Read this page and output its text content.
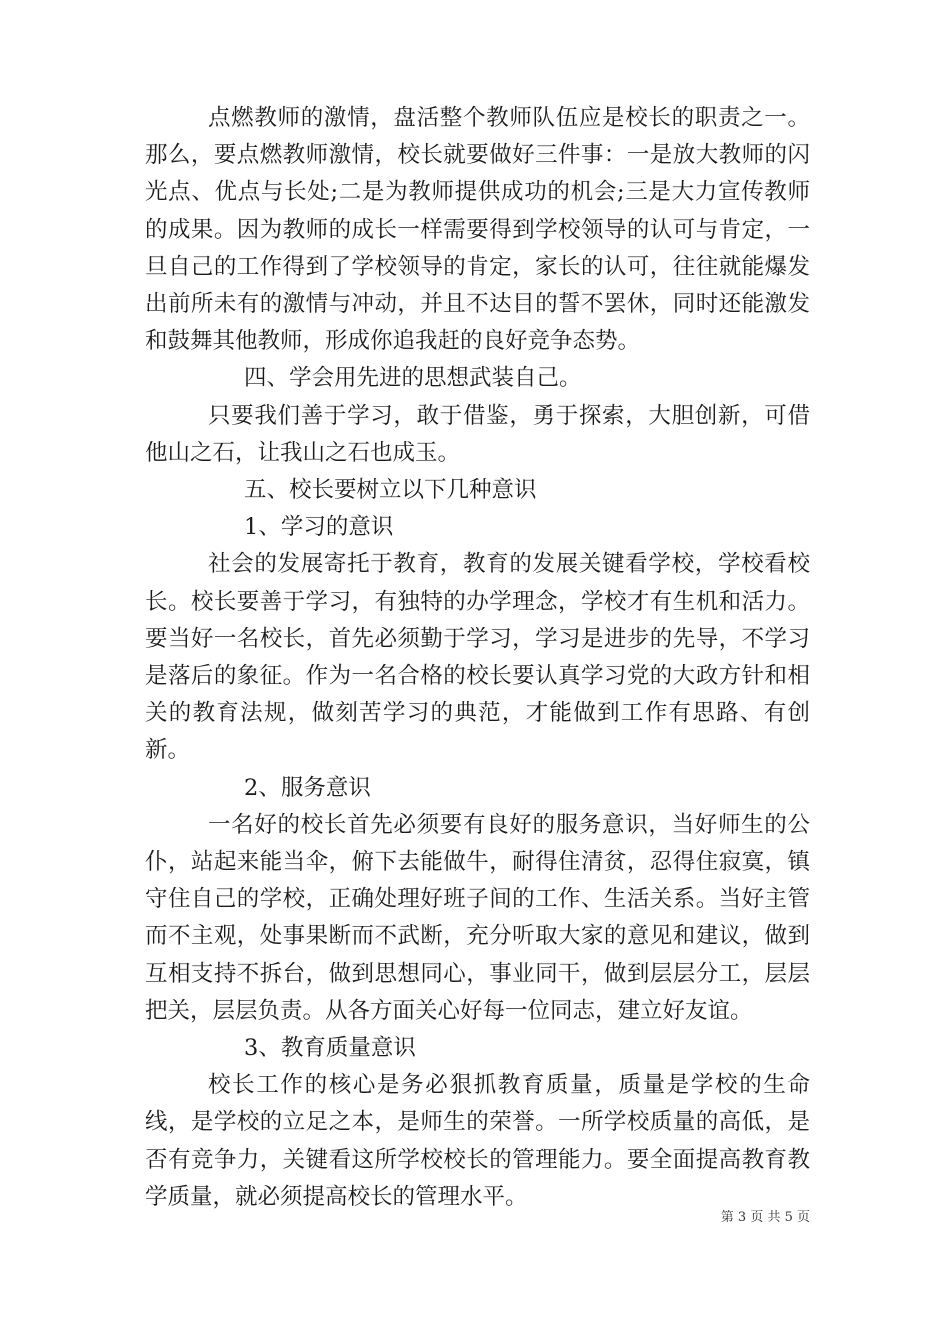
点燃教师的激情，盘活整个教师队伍应是校长的职责之一。那么，要点燃教师激情，校长就要做好三件事：一是放大教师的闪光点、优点与长处;二是为教师提供成功的机会;三是大力宣传教师的成果。因为教师的成长一样需要得到学校领导的认可与肯定，一旦自己的工作得到了学校领导的肯定，家长的认可，往往就能爆发出前所未有的激情与冲动，并且不达目的誓不罢休，同时还能激发和鼓舞其他教师，形成你追我赶的良好竞争态势。

四、学会用先进的思想武装自己。

只要我们善于学习，敢于借鉴，勇于探索，大胆创新，可借他山之石，让我山之石也成玉。

五、校长要树立以下几种意识

1、学习的意识

社会的发展寄托于教育，教育的发展关键看学校，学校看校长。校长要善于学习，有独特的办学理念，学校才有生机和活力。要当好一名校长，首先必须勤于学习，学习是进步的先导，不学习是落后的象征。作为一名合格的校长要认真学习党的大政方针和相关的教育法规，做刻苦学习的典范，才能做到工作有思路、有创新。

2、服务意识

一名好的校长首先必须要有良好的服务意识，当好师生的公仆，站起来能当伞，俯下去能做牛，耐得住清贫，忍得住寂寞，镇守住自己的学校，正确处理好班子间的工作、生活关系。当好主管而不主观，处事果断而不武断，充分听取大家的意见和建议，做到互相支持不拆台，做到思想同心，事业同干，做到层层分工，层层把关，层层负责。从各方面关心好每一位同志，建立好友谊。

3、教育质量意识

校长工作的核心是务必狠抓教育质量，质量是学校的生命线，是学校的立足之本，是师生的荣誉。一所学校质量的高低，是否有竞争力，关键看这所学校校长的管理能力。要全面提高教育教学质量，就必须提高校长的管理水平。

第 3 页 共 5 页
